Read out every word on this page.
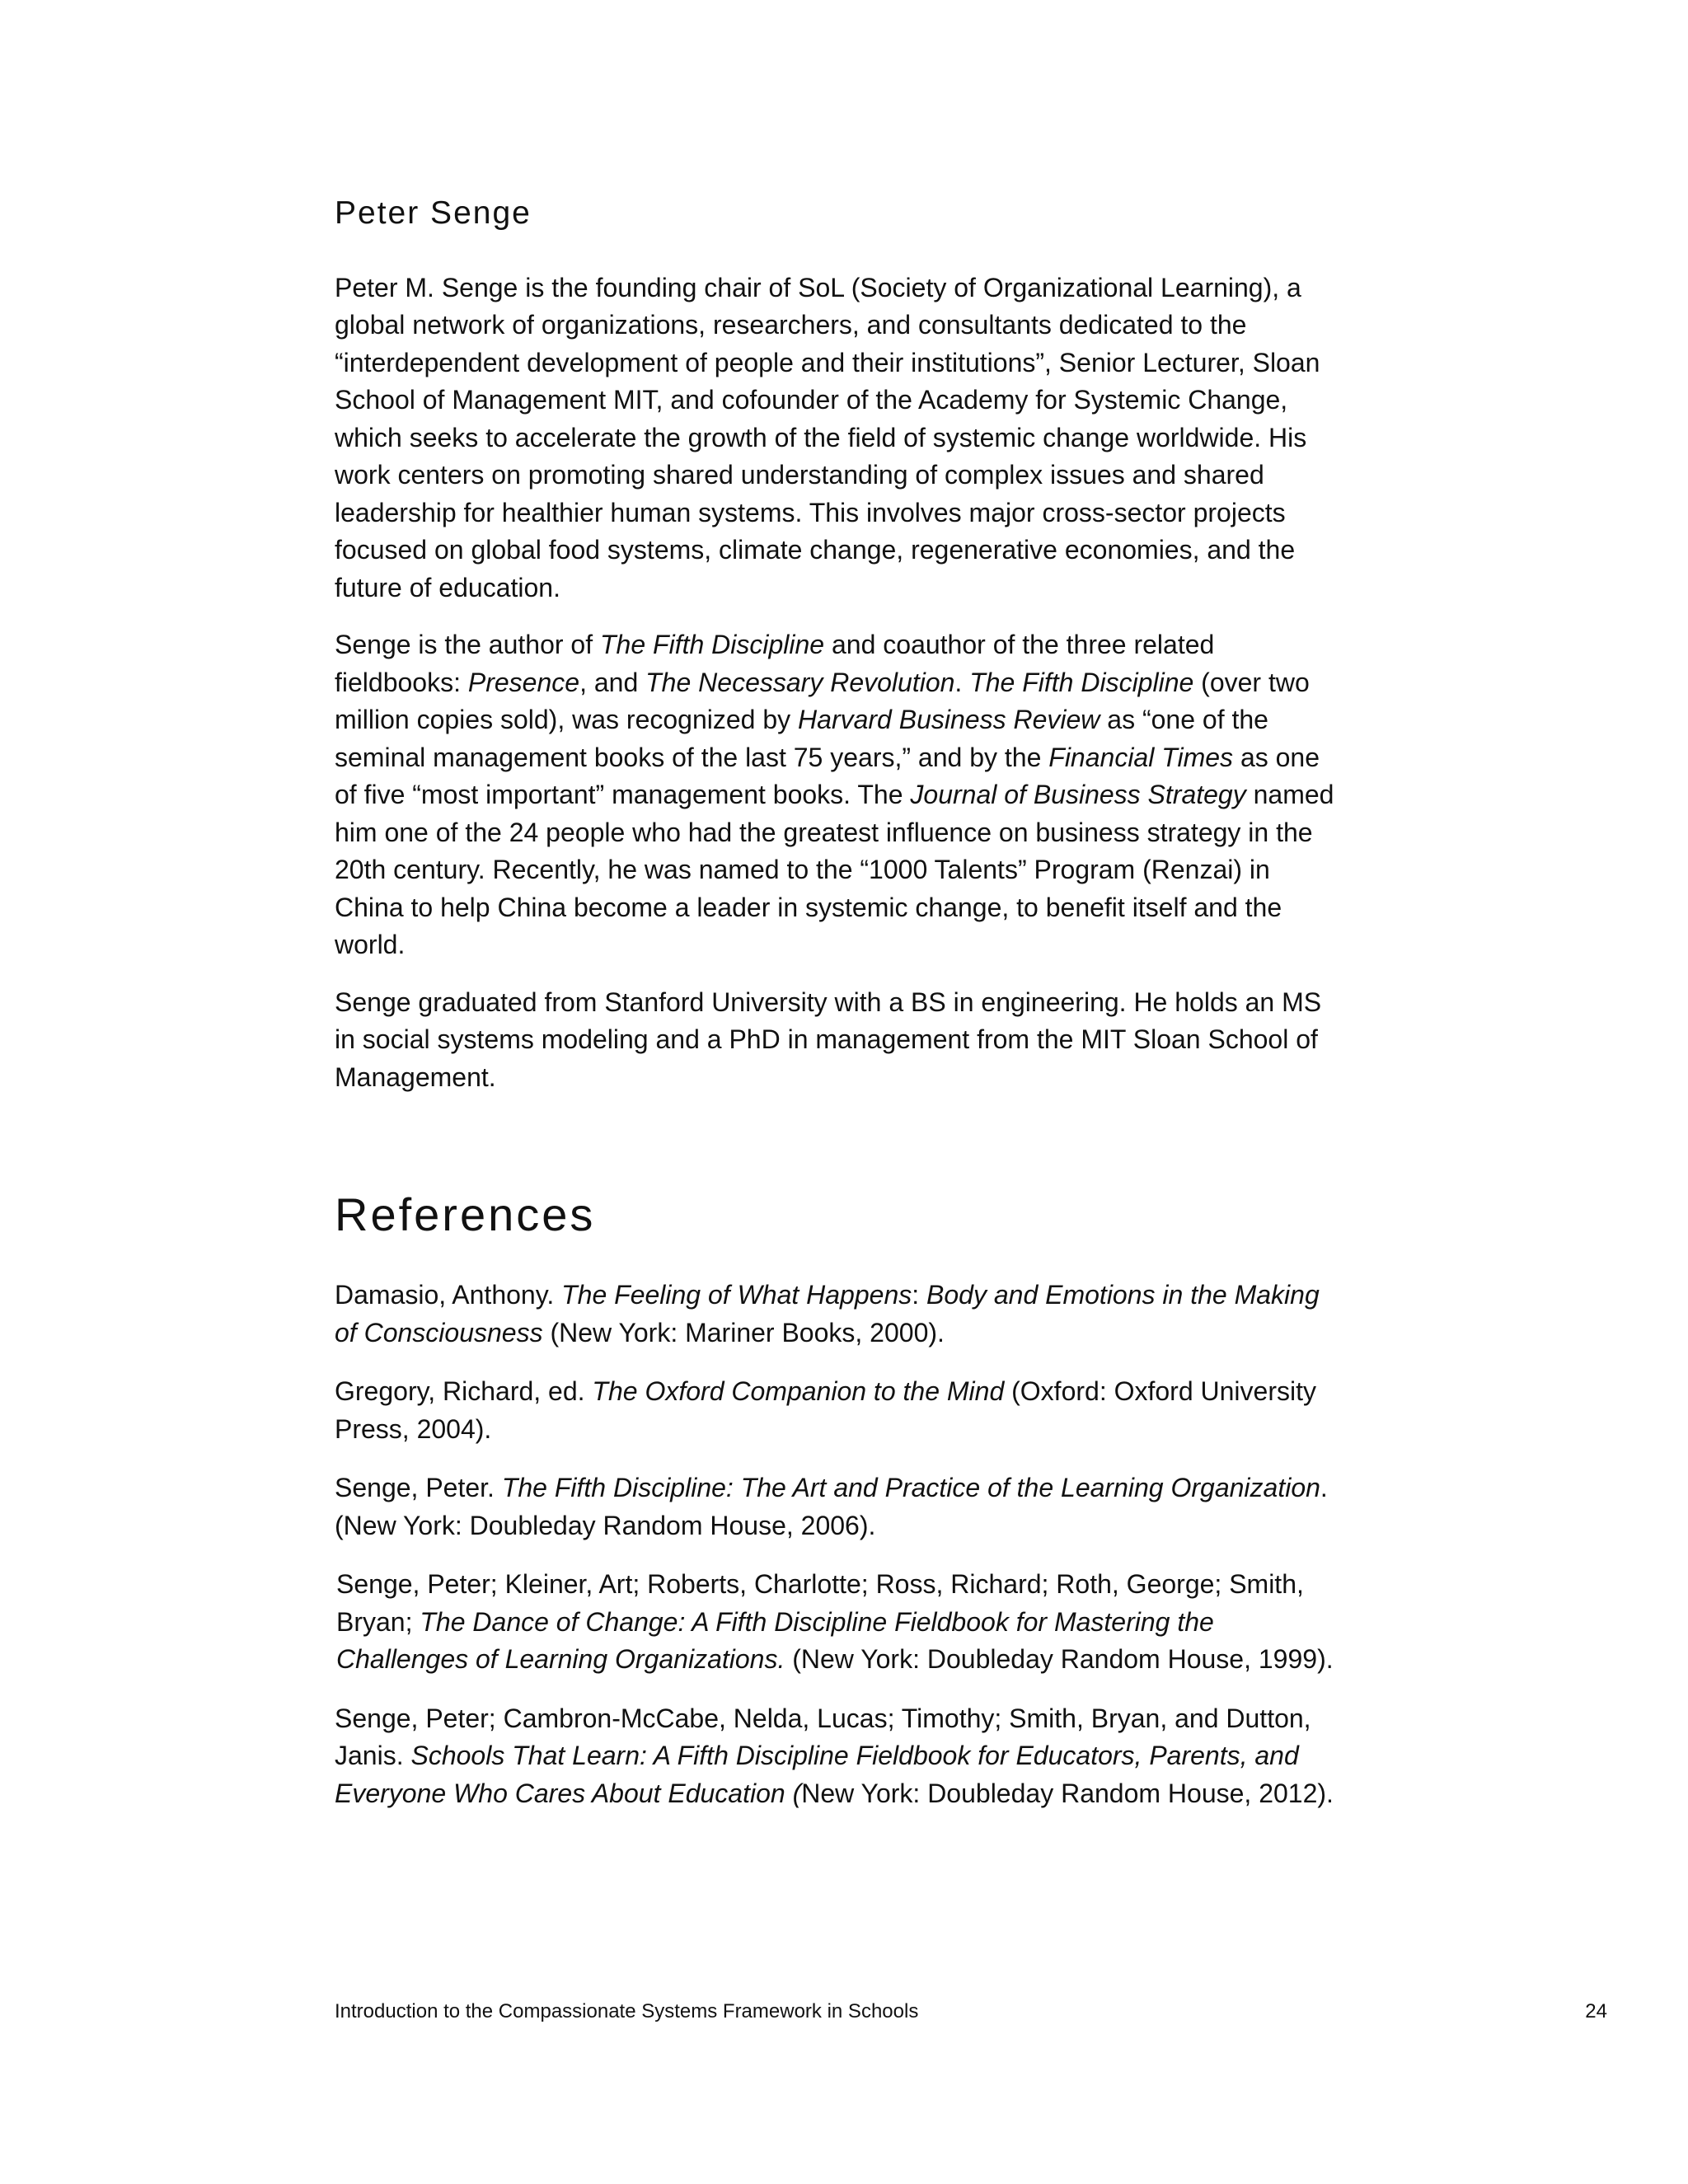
Peter Senge

Peter M. Senge is the founding chair of SoL (Society of Organizational Learning), a global network of organizations, researchers, and consultants dedicated to the “interdependent development of people and their institutions”, Senior Lecturer, Sloan School of Management MIT, and cofounder of the Academy for Systemic Change, which seeks to accelerate the growth of the field of systemic change worldwide. His work centers on promoting shared understanding of complex issues and shared leadership for healthier human systems. This involves major cross-sector projects focused on global food systems, climate change, regenerative economies, and the future of education.

Senge is the author of The Fifth Discipline and coauthor of the three related fieldbooks: Presence, and The Necessary Revolution. The Fifth Discipline (over two million copies sold), was recognized by Harvard Business Review as “one of the seminal management books of the last 75 years,” and by the Financial Times as one of five “most important” management books. The Journal of Business Strategy named him one of the 24 people who had the greatest influence on business strategy in the 20th century. Recently, he was named to the “1000 Talents” Program (Renzai) in China to help China become a leader in systemic change, to benefit itself and the world.

Senge graduated from Stanford University with a BS in engineering. He holds an MS in social systems modeling and a PhD in management from the MIT Sloan School of Management.

References

Damasio, Anthony. The Feeling of What Happens: Body and Emotions in the Making of Consciousness (New York: Mariner Books, 2000).

Gregory, Richard, ed. The Oxford Companion to the Mind (Oxford: Oxford University Press, 2004).

Senge, Peter. The Fifth Discipline: The Art and Practice of the Learning Organization. (New York: Doubleday Random House, 2006).

Senge, Peter; Kleiner, Art; Roberts, Charlotte; Ross, Richard; Roth, George; Smith, Bryan; The Dance of Change: A Fifth Discipline Fieldbook for Mastering the Challenges of Learning Organizations. (New York: Doubleday Random House, 1999).

Senge, Peter; Cambron-McCabe, Nelda, Lucas; Timothy; Smith, Bryan, and Dutton, Janis. Schools That Learn: A Fifth Discipline Fieldbook for Educators, Parents, and Everyone Who Cares About Education (New York: Doubleday Random House, 2012).

Introduction to the Compassionate Systems Framework in Schools	24
